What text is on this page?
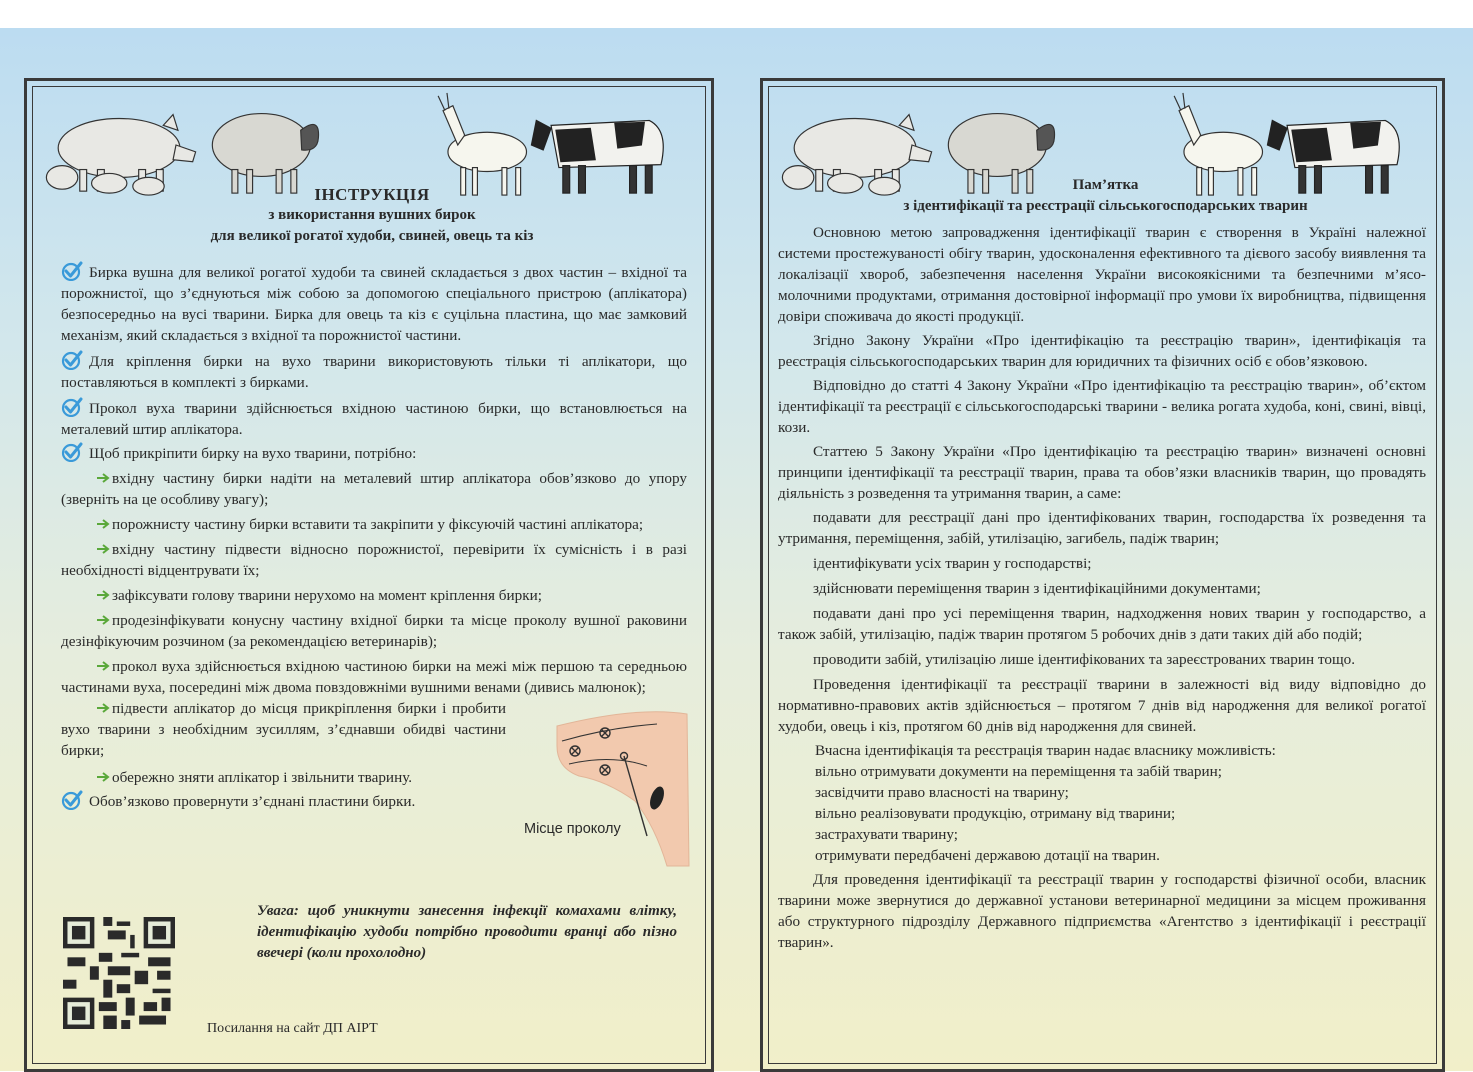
ІНСТРУКЦІЯ
з використання вушних бирок
для великої рогатої худоби, свиней, овець та кіз

Бирка вушна для великої рогатої худоби та свиней складається з двох частин – вхідної та порожнистої, що з’єднуються між собою за допомогою спеціального пристрою (аплікатора) безпосередньо на вусі тварини. Бирка для овець та кіз є суцільна пластина, що має замковий механізм, який складається з вхідної та порожнистої частини.

Для кріплення бирки на вухо тварини використовують тільки ті аплікатори, що поставляються в комплекті з бирками.

Прокол вуха тварини здійснюється вхідною частиною бирки, що встановлюється на металевий штир аплікатора.

Щоб прикріпити бирку на вухо тварини, потрібно:

вхідну частину бирки надіти на металевий штир аплікатора обов’язково до упору (зверніть на це особливу увагу);

порожнисту частину бирки вставити та закріпити у фіксуючій частині аплікатора;

вхідну частину підвести відносно порожнистої, перевірити їх сумісність і в разі необхідності відцентрувати їх;

зафіксувати голову тварини нерухомо на момент кріплення бирки;

продезінфікувати конусну частину вхідної бирки та місце проколу вушної раковини дезінфікуючим розчином (за рекомендацією ветеринарів);

прокол вуха здійснюється вхідною частиною бирки на межі між першою та середньою частинами вуха, посередині між двома повздовжніми вушними венами (дивись малюнок);

підвести аплікатор до місця прикріплення бирки і пробити вухо тварини з необхідним зусиллям, з’єднавши обидві частини бирки;

обережно зняти аплікатор і звільнити тварину.

Обов’язково провернути з’єднані пластини бирки.

Місце проколу
Увага: щоб уникнути занесення інфекції комахами влітку, ідентифікацію худоби потрібно проводити вранці або пізно ввечері (коли прохолодно)
Посилання на сайт ДП АІРТ
Пам’ятка
з ідентифікації та реєстрації сільськогосподарських тварин

Основною метою запровадження ідентифікації тварин є створення в Україні належної системи простежуваності обігу тварин, удосконалення ефективного та дієвого засобу виявлення та локалізації хвороб, забезпечення населення України високоякісними та безпечними м’ясо-молочними продуктами, отримання достовірної інформації про умови їх виробництва, підвищення довіри споживача до якості продукції.

Згідно Закону України «Про ідентифікацію та реєстрацію тварин», ідентифікація та реєстрація сільськогосподарських тварин для юридичних та фізичних осіб є обов’язковою.

Відповідно до статті 4 Закону України «Про ідентифікацію та реєстрацію тварин», об’єктом ідентифікації та реєстрації є сільськогосподарські тварини - велика рогата худоба, коні, свині, вівці, кози.

Статтею 5 Закону України «Про ідентифікацію та реєстрацію тварин» визначені основні принципи ідентифікації та реєстрації тварин, права та обов’язки власників тварин, що провадять діяльність з розведення та утримання тварин, а саме:

подавати для реєстрації дані про ідентифікованих тварин, господарства їх розведення та утримання, переміщення, забій, утилізацію, загибель, падіж тварин;

ідентифікувати усіх тварин у господарстві;

здійснювати переміщення тварин з ідентифікаційними документами;

подавати дані про усі переміщення тварин, надходження нових тварин у господарство, а також забій, утилізацію, падіж тварин протягом 5 робочих днів з дати таких дій або подій;

проводити забій, утилізацію лише ідентифікованих та зареєстрованих тварин тощо.

Проведення ідентифікації та реєстрації тварини в залежності від виду відповідно до нормативно-правових актів здійснюється – протягом 7 днів від народження для великої рогатої худоби, овець і кіз, протягом 60 днів від народження для свиней.

Вчасна ідентифікація та реєстрація тварин надає власнику можливість:

вільно отримувати документи на переміщення та забій тварин;

засвідчити право власності на тварину;

вільно реалізовувати продукцію, отриману від тварини;

застрахувати тварину;

отримувати передбачені державою дотації на тварин.

Для проведення ідентифікації та реєстрації тварин у господарстві фізичної особи, власник тварини може звернутися до державної установи ветеринарної медицини за місцем проживання або структурного підрозділу Державного підприємства «Агентство з ідентифікації і реєстрації тварин».
